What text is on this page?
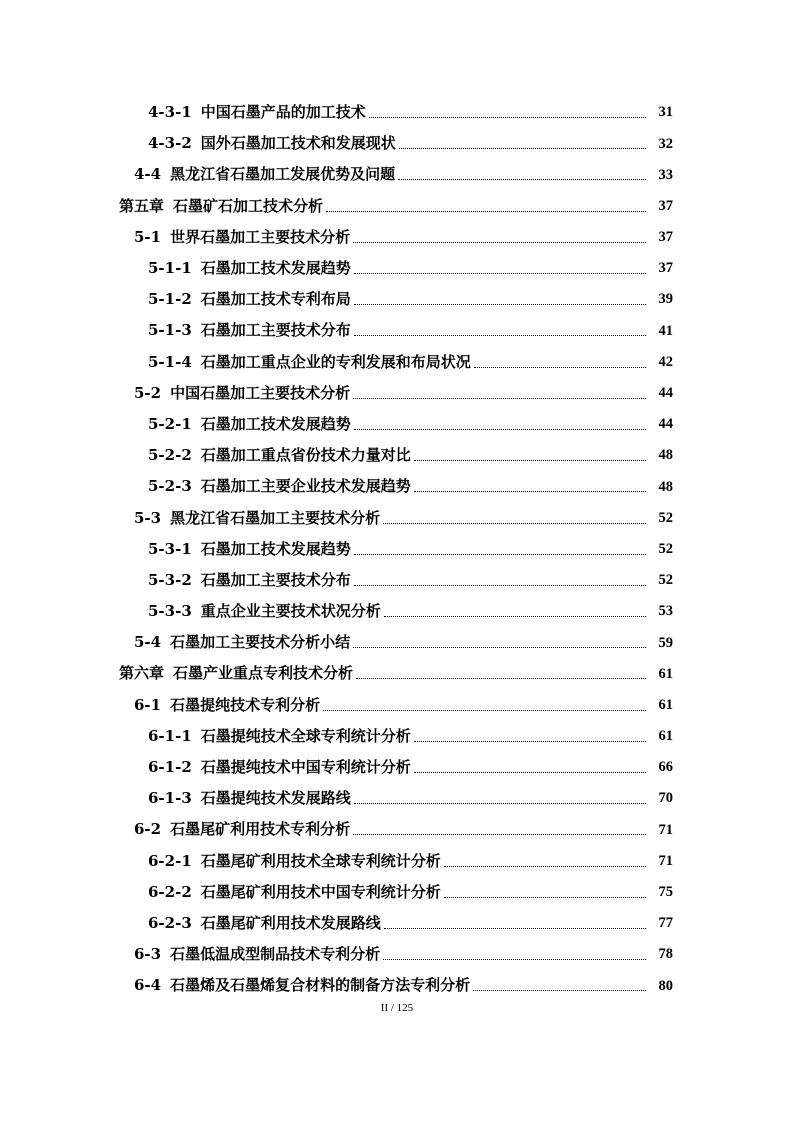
4-3-1 中国石墨产品的加工技术	31
4-3-2 国外石墨加工技术和发展现状	32
4-4 黑龙江省石墨加工发展优势及问题	33
第五章 石墨矿石加工技术分析	37
5-1 世界石墨加工主要技术分析	37
5-1-1 石墨加工技术发展趋势	37
5-1-2 石墨加工技术专利布局	39
5-1-3 石墨加工主要技术分布	41
5-1-4 石墨加工重点企业的专利发展和布局状况	42
5-2 中国石墨加工主要技术分析	44
5-2-1 石墨加工技术发展趋势	44
5-2-2 石墨加工重点省份技术力量对比	48
5-2-3 石墨加工主要企业技术发展趋势	48
5-3 黑龙江省石墨加工主要技术分析	52
5-3-1 石墨加工技术发展趋势	52
5-3-2 石墨加工主要技术分布	52
5-3-3 重点企业主要技术状况分析	53
5-4 石墨加工主要技术分析小结	59
第六章 石墨产业重点专利技术分析	61
6-1 石墨提纯技术专利分析	61
6-1-1 石墨提纯技术全球专利统计分析	61
6-1-2 石墨提纯技术中国专利统计分析	66
6-1-3 石墨提纯技术发展路线	70
6-2 石墨尾矿利用技术专利分析	71
6-2-1 石墨尾矿利用技术全球专利统计分析	71
6-2-2 石墨尾矿利用技术中国专利统计分析	75
6-2-3 石墨尾矿利用技术发展路线	77
6-3 石墨低温成型制品技术专利分析	78
6-4 石墨烯及石墨烯复合材料的制备方法专利分析	80
II / 125
